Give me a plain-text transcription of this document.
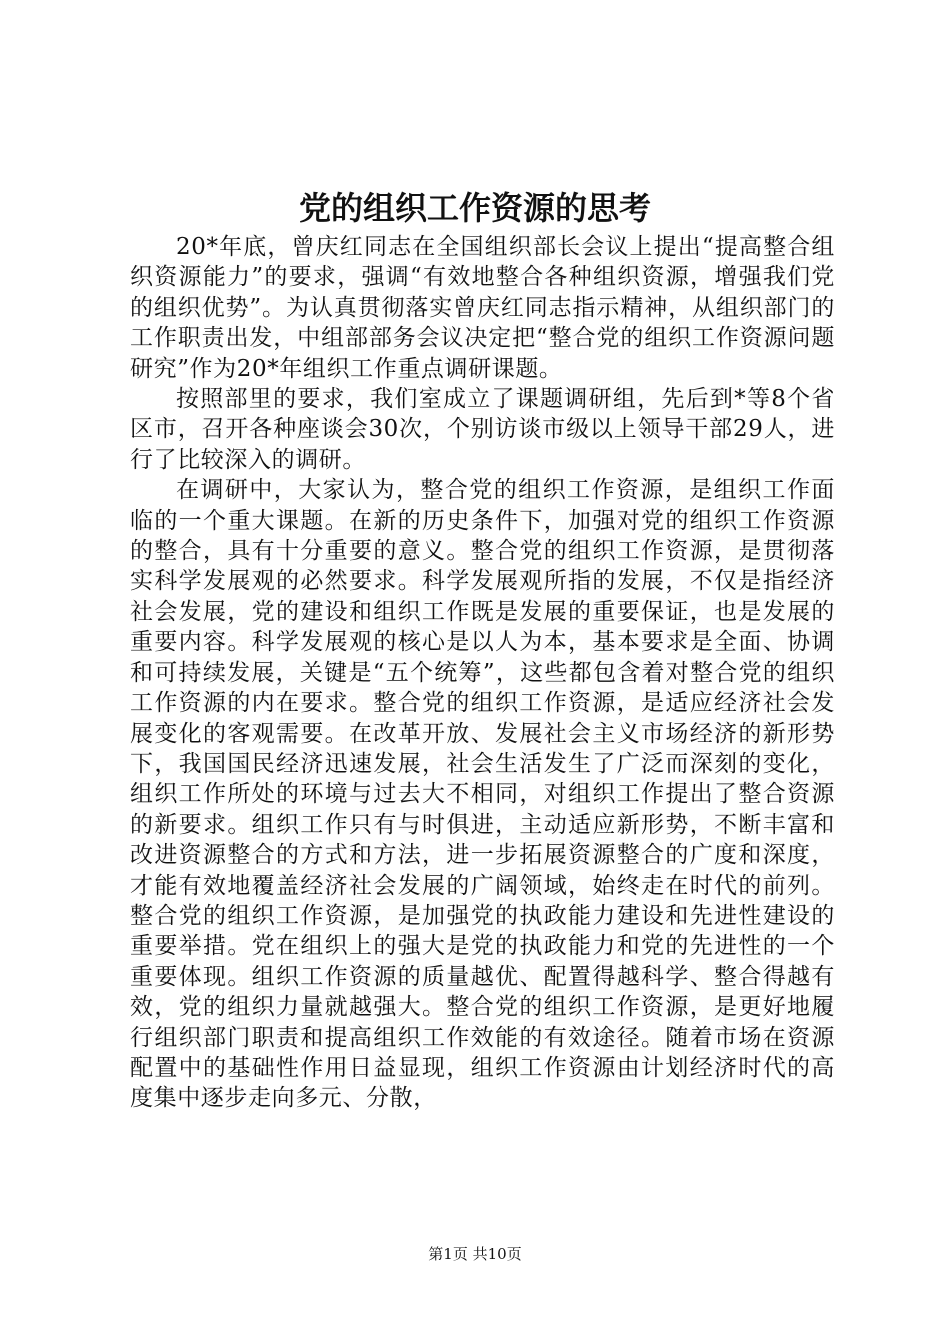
党的组织工作资源的思考

20*年底，曾庆红同志在全国组织部长会议上提出“提高整合组织资源能力”的要求，强调“有效地整合各种组织资源，增强我们党的组织优势”。为认真贯彻落实曾庆红同志指示精神，从组织部门的工作职责出发，中组部部务会议决定把“整合党的组织工作资源问题研究”作为20*年组织工作重点调研课题。

按照部里的要求，我们室成立了课题调研组，先后到*等8个省区市，召开各种座谈会30次，个别访谈市级以上领导干部29人，进行了比较深入的调研。

在调研中，大家认为，整合党的组织工作资源，是组织工作面临的一个重大课题。在新的历史条件下，加强对党的组织工作资源的整合，具有十分重要的意义。整合党的组织工作资源，是贯彻落实科学发展观的必然要求。科学发展观所指的发展，不仅是指经济社会发展，党的建设和组织工作既是发展的重要保证，也是发展的重要内容。科学发展观的核心是以人为本，基本要求是全面、协调和可持续发展，关键是“五个统筹”，这些都包含着对整合党的组织工作资源的内在要求。整合党的组织工作资源，是适应经济社会发展变化的客观需要。在改革开放、发展社会主义市场经济的新形势下，我国国民经济迅速发展，社会生活发生了广泛而深刻的变化，组织工作所处的环境与过去大不相同，对组织工作提出了整合资源的新要求。组织工作只有与时俱进，主动适应新形势，不断丰富和改进资源整合的方式和方法，进一步拓展资源整合的广度和深度，才能有效地覆盖经济社会发展的广阔领域，始终走在时代的前列。整合党的组织工作资源，是加强党的执政能力建设和先进性建设的重要举措。党在组织上的强大是党的执政能力和党的先进性的一个重要体现。组织工作资源的质量越优、配置得越科学、整合得越有效，党的组织力量就越强大。整合党的组织工作资源，是更好地履行组织部门职责和提高组织工作效能的有效途径。随着市场在资源配置中的基础性作用日益显现，组织工作资源由计划经济时代的高度集中逐步走向多元、分散，

第1页 共10页
